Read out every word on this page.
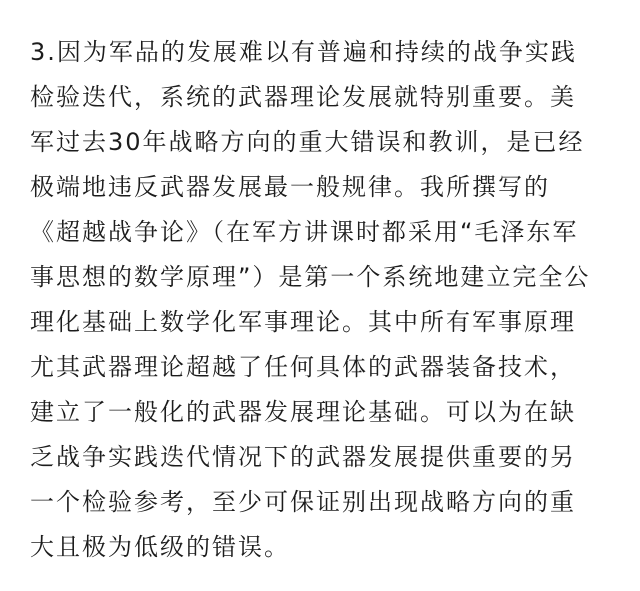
3.因为军品的发展难以有普遍和持续的战争实践
检验迭代，系统的武器理论发展就特别重要。美
军过去30年战略方向的重大错误和教训，是已经
极端地违反武器发展最一般规律。我所撰写的
《超越战争论》（在军方讲课时都采用“毛泽东军
事思想的数学原理”）是第一个系统地建立完全公
理化基础上数学化军事理论。其中所有军事原理
尤其武器理论超越了任何具体的武器装备技术，
建立了一般化的武器发展理论基础。可以为在缺
乏战争实践迭代情况下的武器发展提供重要的另
一个检验参考，至少可保证别出现战略方向的重
大且极为低级的错误。
